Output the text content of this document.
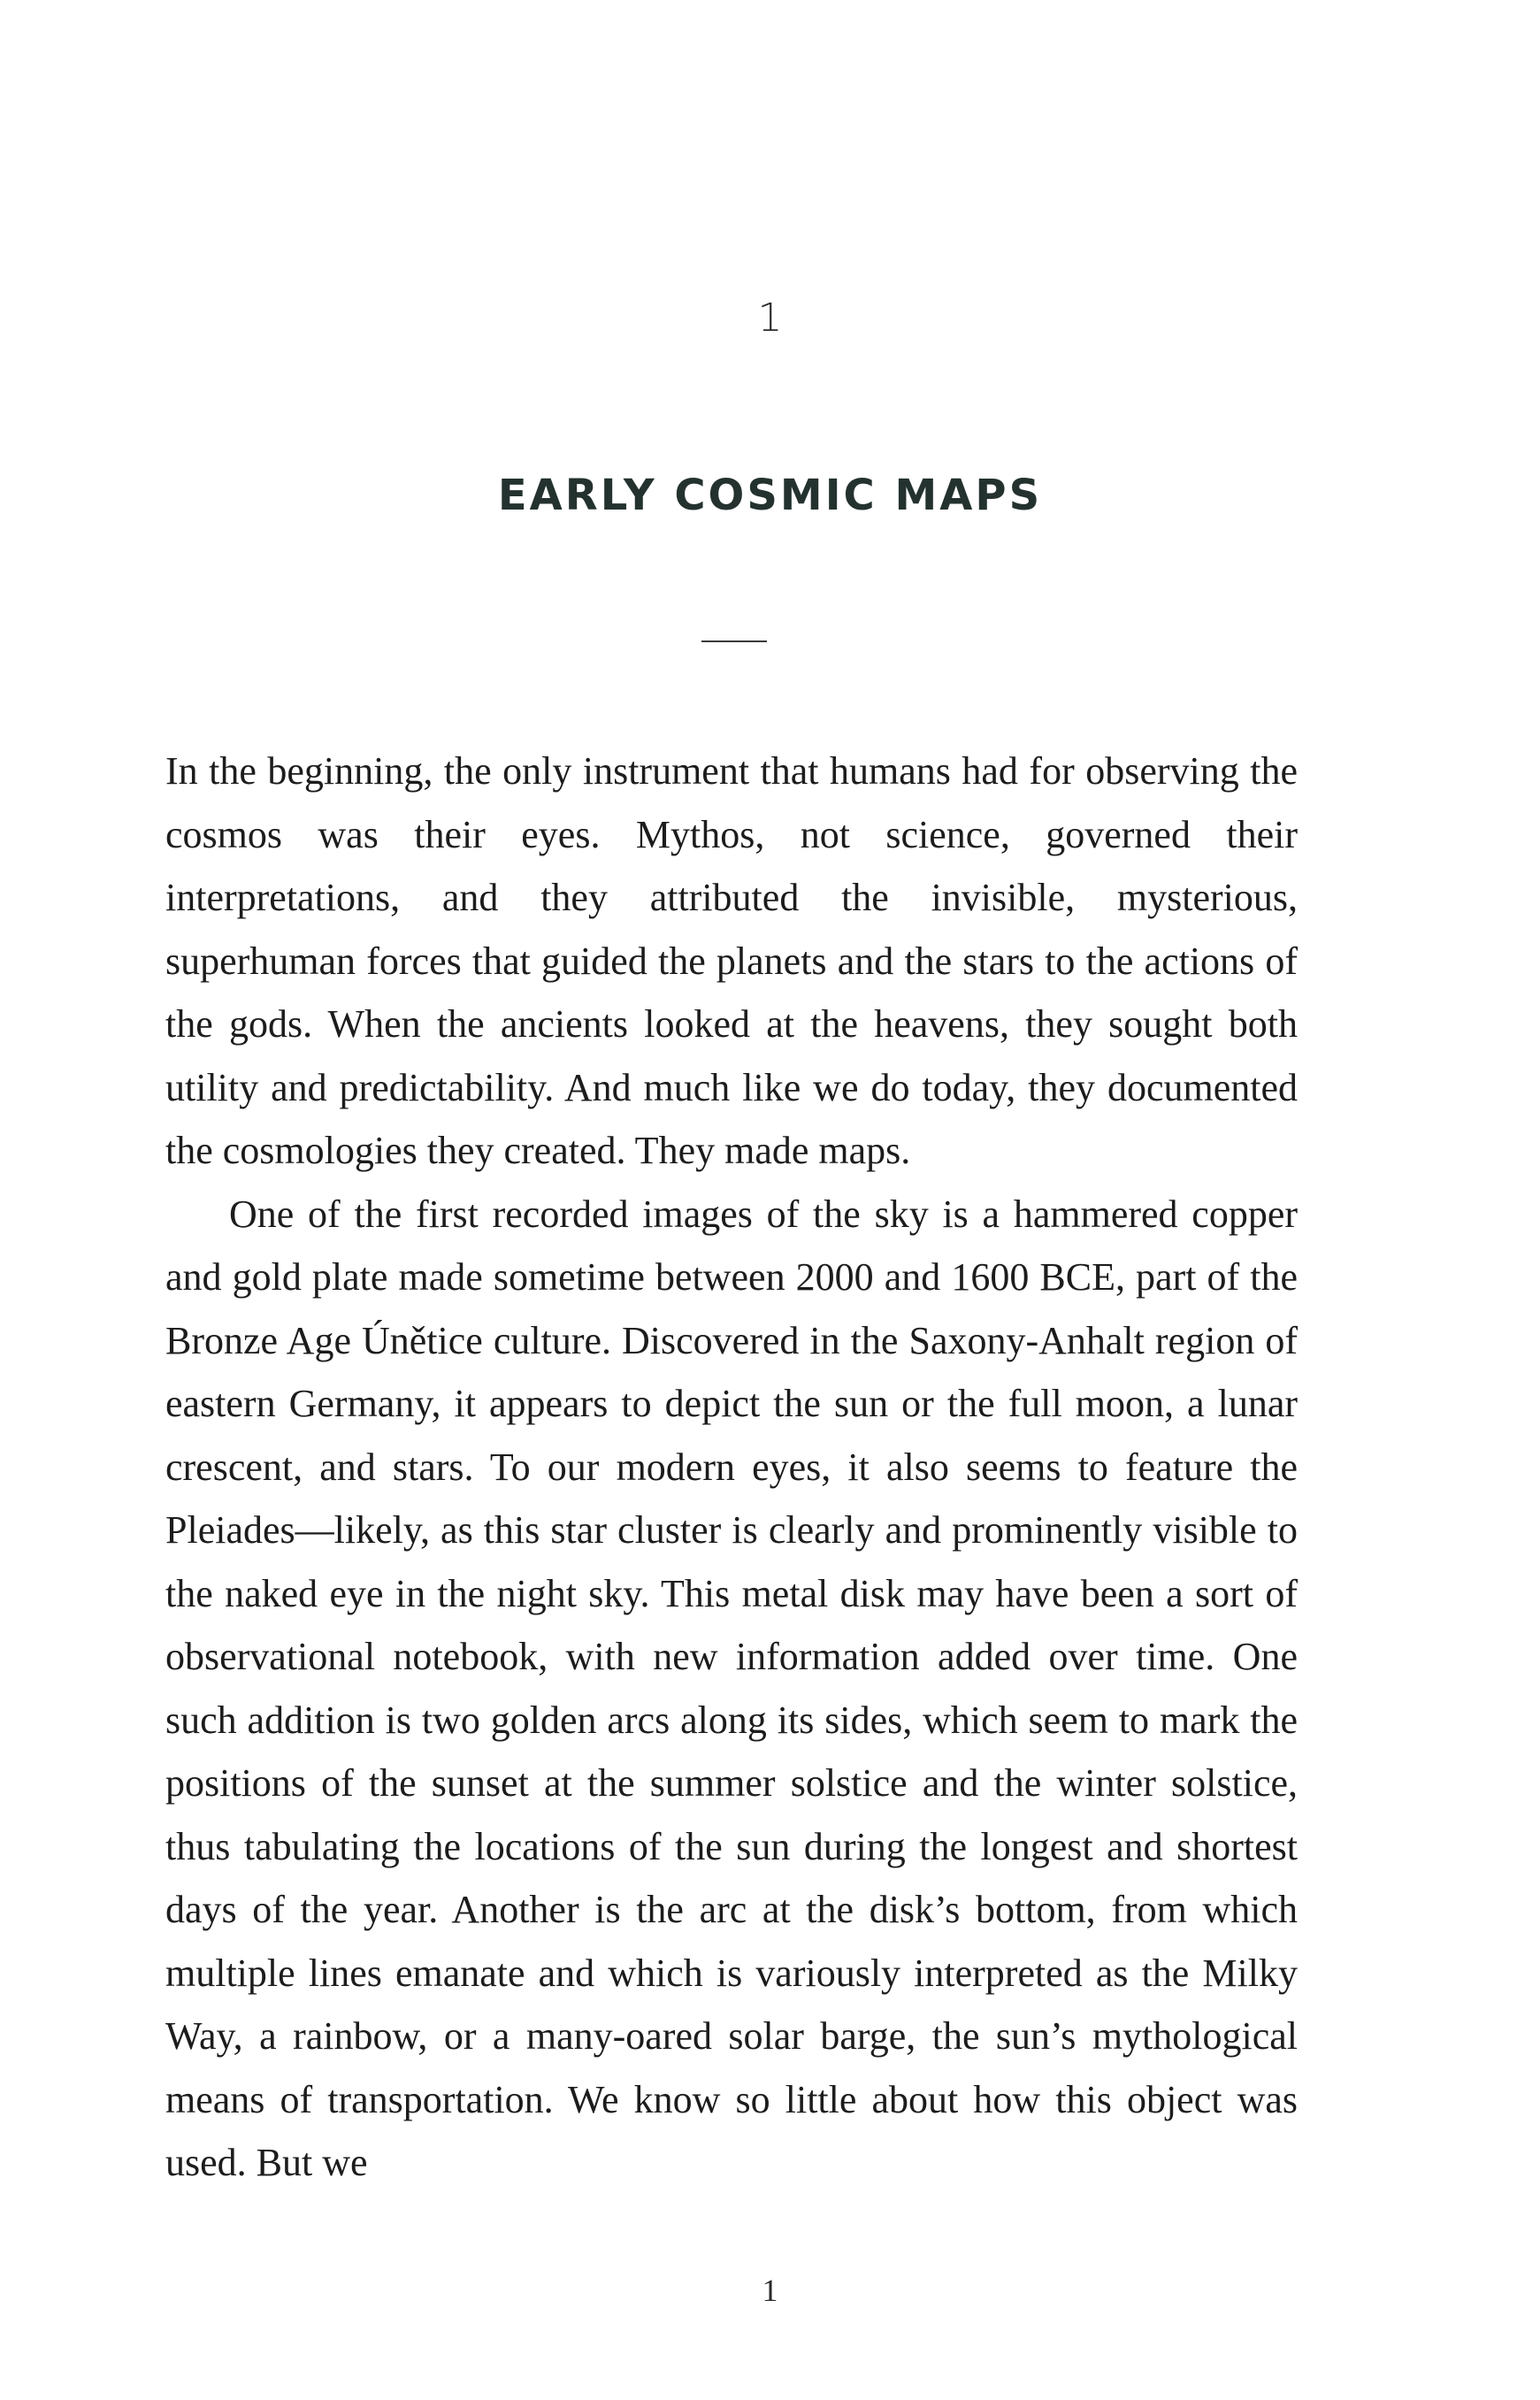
1
EARLY COSMIC MAPS

In the beginning, the only instrument that humans had for observing the cosmos was their eyes. Mythos, not science, governed their interpretations, and they attributed the invisible, mysterious, superhuman forces that guided the planets and the stars to the actions of the gods. When the ancients looked at the heavens, they sought both utility and predictability. And much like we do today, they documented the cosmologies they created. They made maps.

One of the first recorded images of the sky is a hammered copper and gold plate made sometime between 2000 and 1600 BCE, part of the Bronze Age Únětice culture. Discovered in the Saxony-Anhalt region of eastern Germany, it appears to depict the sun or the full moon, a lunar crescent, and stars. To our modern eyes, it also seems to feature the Pleiades—likely, as this star cluster is clearly and prominently visible to the naked eye in the night sky. This metal disk may have been a sort of observational notebook, with new information added over time. One such addition is two golden arcs along its sides, which seem to mark the positions of the sunset at the summer solstice and the winter solstice, thus tabulating the locations of the sun during the longest and shortest days of the year. Another is the arc at the disk’s bottom, from which multiple lines emanate and which is variously interpreted as the Milky Way, a rainbow, or a many-oared solar barge, the sun’s mythological means of transportation. We know so little about how this object was used. But we

1
